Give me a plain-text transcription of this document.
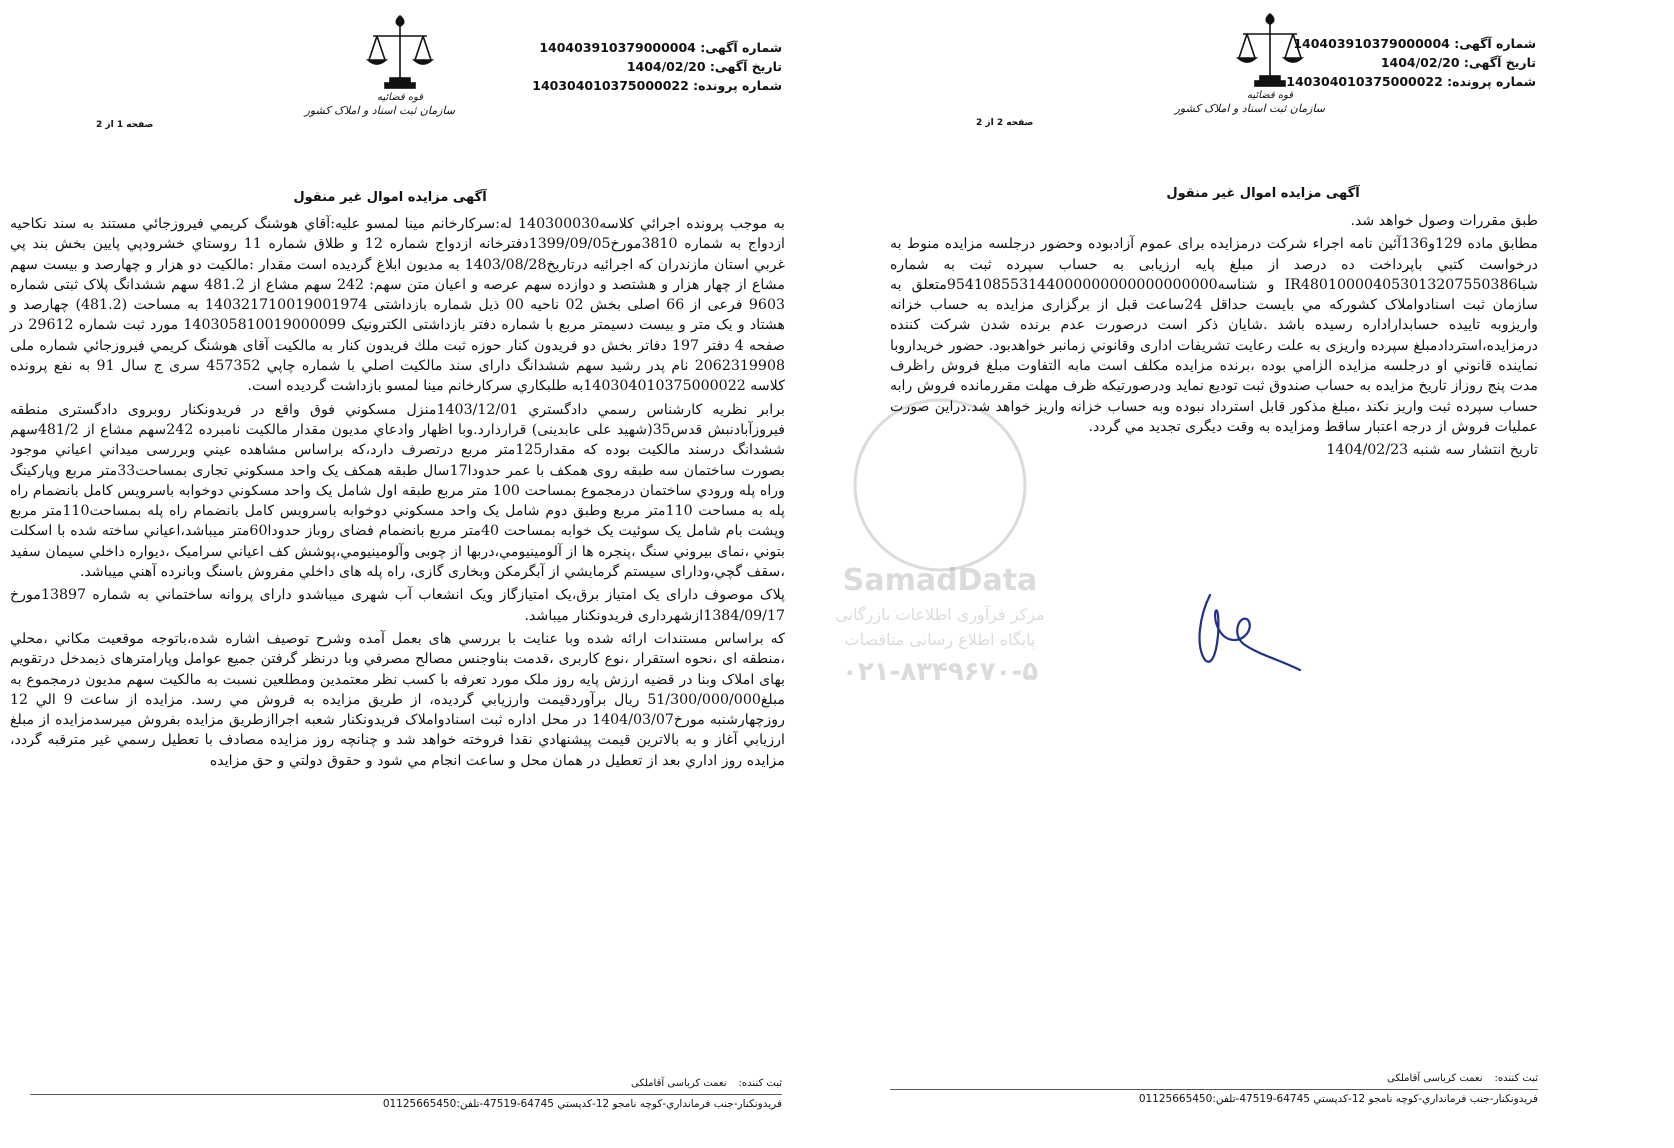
شماره آگهی: 140403910379000004
تاریخ آگهی: 1404/02/20
شماره پرونده: 140304010375000022
قوه قضائیه
سازمان ثبت اسناد و املاک کشور
صفحه 1 از 2
آگهی مزایده اموال غیر منقول

به موجب پرونده اجرائي كلاسه140300030 له:سركارخانم مينا لمسو عليه:آقاي هوشنگ كريمي فيروزجائي مستند به سند نكاحيه ازدواج به شماره 3810مورخ1399/09/05دفترخانه ازدواج شماره 12 و طلاق شماره 11 روستاي خشرودپي پايين بخش بند پي غربي استان مازندران كه اجرائيه درتاريخ1403/08/28 به مديون ابلاغ گرديده است مقدار :مالكيت دو هزار و چهارصد و بيست سهم مشاع از چهار هزار و هشتصد و دوازده سهم عرصه و اعيان متن سهم: 242 سهم مشاع از 481.2 سهم ششدانگ پلاک ثبتی شماره 9603 فرعی از 66 اصلی بخش 02 ناحيه 00 ذيل شماره بازداشتی 140321710019001974 به مساحت (481.2) چهارصد و هشتاد و يک متر و بيست دسيمتر مربع با شماره دفتر بازداشتی الکترونيک 140305810019000099 مورد ثبت شماره 29612 در صفحه 4 دفتر 197 دفاتر بخش دو فريدون كنار حوزه ثبت ملك فريدون كنار به مالكيت آقای هوشنگ كريمي فيروزجائي شماره ملی 2062319908 نام پدر رشيد سهم ششدانگ دارای سند مالکيت اصلي با شماره چاپي 457352 سری ج سال 91 به نفع پرونده كلاسه 140304010375000022به طلبكاري سركارخانم مينا لمسو بازداشت گرديده است.

برابر نظريه كارشناس رسمي دادگستري 1403/12/01منزل مسكوني فوق واقع در فريدونكنار روبروی دادگستری منطقه فيروزآبادنبش قدس35(شهيد علی عابدينی) قراردارد.وبا اظهار وادعاي مديون مقدار مالكيت نامبرده 242سهم مشاع از 481/2سهم ششدانگ درسند مالكيت بوده كه مقدار125متر مربع درتصرف دارد،كه براساس مشاهده عيني وبررسی ميداني اعياني موجود بصورت ساختمان سه طبقه روی همكف با عمر حدودا17سال طبقه همكف يک واحد مسكوني تجاری بمساحت33متر مربع وپاركينگ وراه پله ورودي ساختمان درمجموع بمساحت 100 متر مربع طبقه اول شامل يک واحد مسكوني دوخوابه باسرويس كامل بانضمام راه پله به مساحت 110متر مربع وطبق دوم شامل يک واحد مسكوني دوخوابه باسرويس كامل بانضمام راه پله بمساحت110متر مربع وپشت بام شامل يک سوئيت يک خوابه بمساحت 40متر مربع بانضمام فضای روباز حدودا60متر ميباشد،اعياني ساخته شده با اسكلت بتوني ،نمای بيروني سنگ ،پنجره ها از آلومينيومي،دربها از چوبی وآلومينيومي،پوشش كف اعياني سراميک ،ديواره داخلي سيمان سفيد ،سقف گچي،ودارای سيستم گرمايشي از آبگرمكن وبخاری گازی، راه پله های داخلي مفروش باسنگ وبانرده آهني ميباشد.

پلاک موصوف دارای يک امتياز برق،يک امتيازگاز ويک انشعاب آب شهری ميباشدو دارای پروانه ساختماني به شماره 13897مورخ 1384/09/17ازشهرداری فريدونكنار ميباشد.

كه براساس مستندات ارائه شده وبا عنايت با بررسي های بعمل آمده وشرح توصيف اشاره شده،باتوجه موقعيت مكاني ،محلي ،منطقه ای ،نحوه استقرار ،نوع كاربری ،قدمت بناوجنس مصالح مصرفي وبا درنظر گرفتن جميع عوامل وپارامترهای ذيمدخل درتقويم بهای املاک وبنا در قضيه ارزش پايه روز ملک مورد تعرفه با كسب نظر معتمدين ومطلعين نسبت به مالكيت سهم مديون درمجموع به مبلغ51/300/000/000 ريال برآوردقيمت وارزيابي گرديده، از طريق مزايده به فروش مي رسد. مزايده از ساعت 9 الي 12 روزچهارشنبه مورخ1404/03/07 در محل اداره ثبت اسنادواملاک فريدونكنار شعبه اجراازطريق مزايده بفروش ميرسدمزايده از مبلغ ارزيابي آغاز و به بالاترين قيمت پيشنهادي نقدا فروخته خواهد شد و چنانچه روز مزايده مصادف با تعطيل رسمي غير مترقبه گردد، مزايده روز اداري بعد از تعطيل در همان محل و ساعت انجام مي شود و حقوق دولتي و حق مزايده

ثبت كننده:
نعمت كرباسی آقاملكی
فريدونكنار-جنب فرمانداري-كوچه نامجو 12-كدپستي 64745-47519-تلفن:01125665450
SamadData
مرکز فرآوری اطلاعات بازرگانی
پایگاه اطلاع رسانی مناقصات
۰۲۱-۸۳۴۹۶۷۰-۵
شماره آگهی: 140403910379000004
تاریخ آگهی: 1404/02/20
شماره پرونده: 140304010375000022
قوه قضائیه
سازمان ثبت اسناد و املاک کشور
صفحه 2 از 2
آگهی مزایده اموال غیر منقول

طبق مقررات وصول خواهد شد.

مطابق ماده 129و136آئين نامه اجراء شركت درمزايده برای عموم آزادبوده وحضور درجلسه مزايده منوط به درخواست كتبي باپرداخت ده درصد از مبلغ پايه ارزيابی به حساب سپرده ثبت به شماره شباIR480100004053013207550386 و شناسه954108553144000000000000000000متعلق به سازمان ثبت اسنادواملاک كشوركه مي بايست حداقل 24ساعت قبل از برگزاری مزايده به حساب خزانه واريزوبه تاييده حسابداراداره رسيده باشد .شايان ذكر است درصورت عدم برنده شدن شركت كننده درمزايده،استردادمبلغ سپرده واريزی به علت رعايت تشريفات اداری وقانوني زمانبر خواهدبود. حضور خريداروبا نماينده قانوني او درجلسه مزايده الزامي بوده ،برنده مزايده مكلف است مابه التفاوت مبلغ فروش راظرف مدت پنج روزاز تاريخ مزايده به حساب صندوق ثبت توديع نمايد ودرصورتيكه ظرف مهلت مقررمانده فروش رابه حساب سپرده ثبت واريز نكند ،مبلغ مذكور قابل استرداد نبوده وبه حساب خزانه واريز خواهد شد.دراين صورت عمليات فروش از درجه اعتبار ساقط ومزايده به وقت ديگری تجديد مي گردد.

تاريخ انتشار سه شنبه 1404/02/23

ثبت كننده:
نعمت كرباسی آقاملكی
فريدونكنار-جنب فرمانداري-كوچه نامجو 12-كدپستي 64745-47519-تلفن:01125665450
